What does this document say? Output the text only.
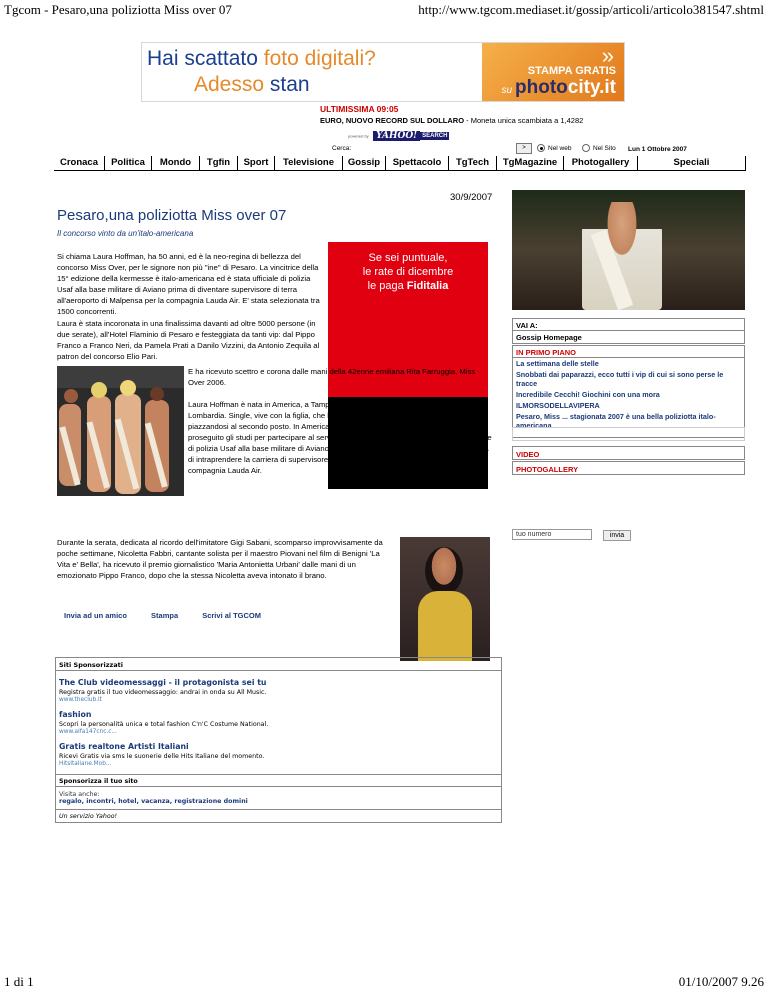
Tgcom - Pesaro,una poliziotta Miss over 07	http://www.tgcom.mediaset.it/gossip/articoli/articolo381547.shtml
Hai scattato foto digitali?
Adesso stan
»
STAMPA GRATIS
su photocity.it
ULTIMISSIMA 09:05
EURO, NUOVO RECORD SUL DOLLARO - Moneta unica scambiata a 1,4282
powered by YAHOO! SEARCH
Cerca:	>	Nel web	Nel Sito Lun 1 Ottobre 2007
Cronaca	Politica	Mondo	Tgfin	Sport	Televisione	Gossip	Spettacolo	TgTech	TgMagazine	Photogallery	Speciali
30/9/2007
Pesaro,una poliziotta Miss over 07
Il concorso vinto da un'italo-americana

Si chiama Laura Hoffman, ha 50 anni, ed è la neo-regina di bellezza del concorso Miss Over, per le signore non più "ine" di Pesaro. La vincitrice della 15° edizione della kermesse è italo-americana ed è stata ufficiale di polizia Usaf alla base militare di Aviano prima di diventare supervisore di terra all'aeroporto di Malpensa per la compagnia Lauda Air. E' stata selezionata tra 1500 concorrenti.

Laura è stata incoronata in una finalissima davanti ad oltre 5000 persone (in due serate), all'Hotel Flaminio di Pesaro e festeggiata da tanti vip: dal Pippo Franco a Franco Neri, da Pamela Prati a Danilo Vizzini, da Antonio Zequila al patron del concorso Elio Pari.

Se sei puntuale,
le rate di dicembre
le paga Fiditalia

E ha ricevuto scettro e corona dalle mani della 42enne emiliana Rita Farruggia, Miss Over 2006.

Laura Hoffman è nata in America, a Tampa (Florida) ma abita a Cadrezzate in alta Lombardia. Single, vive con la figlia, che ha partecipato quest'anno a Miss Padania, piazzandosi al secondo posto. In America ha frequentato l'università, ma non ha proseguito gli studi per partecipare al servizio di leva. Poi è arrivata in Italia come ufficiale di polizia Usaf alla base militare di Aviano, dove ha prestato servizio per tanti anni, prima di intraprendere la carriera di supervisore di terra all'aeroporto di Malpensa per la compagnia Lauda Air.

Durante la serata, dedicata al ricordo dell'imitatore Gigi Sabani, scomparso improvvisamente da poche settimane, Nicoletta Fabbri, cantante solista per il maestro Piovani nel film di Benigni 'La Vita e' Bella', ha ricevuto il premio giornalistico 'Maria Antonietta Urbani' dalle mani di un emozionato Pippo Franco, dopo che la stessa Nicoletta aveva intonato il brano.

Invia ad un amico	Stampa	Scrivi al TGCOM
VAI A:
Gossip Homepage
IN PRIMO PIANO
La settimana delle stelle
Snobbati dai paparazzi, ecco tutti i vip di cui si sono perse le tracce
Incredibile Cecchi! Giochini con una mora
ILMORSODELLAVIPERA
Pesaro, Miss ... stagionata 2007 è una bella poliziotta italo-americana
VIDEO
PHOTOGALLERY
tuo numero	invia
Siti Sponsorizzati
The Club videomessaggi - il protagonista sei tu
Registra gratis il tuo videomessaggio: andrai in onda su All Music.
www.theclub.it
fashion
Scopri la personalità unica e total fashion C'n'C Costume National.
www.alfa147cnc.c...
Gratis realtone Artisti Italiani
Ricevi Gratis via sms le suonerie delle Hits Italiane del momento.
HitsItaliane.Mob...
Sponsorizza il tuo sito
Visita anche:
regalo, incontri, hotel, vacanza, registrazione domini
Un servizio Yahoo!
1 di 1	01/10/2007 9.26
